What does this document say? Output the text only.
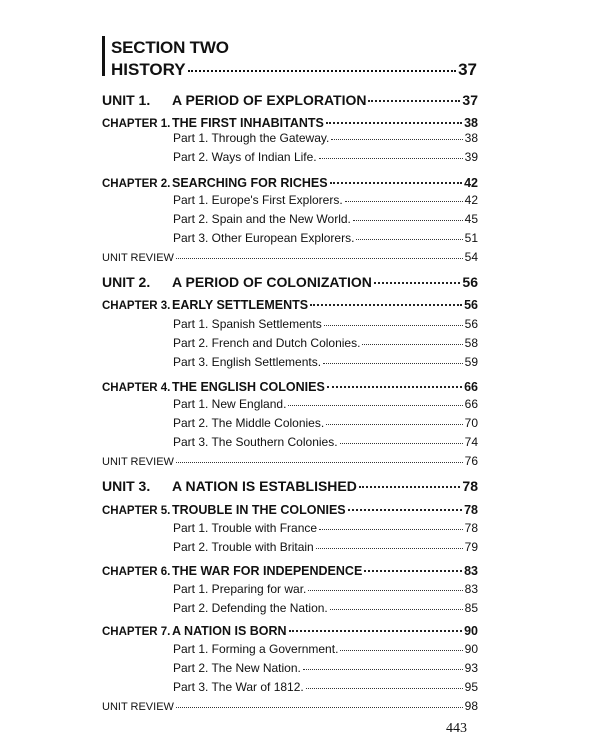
SECTION TWO
HISTORY	37
UNIT 1.	A PERIOD OF EXPLORATION	37
CHAPTER 1. THE FIRST INHABITANTS	38
Part 1. Through the Gateway.	38
Part 2. Ways of Indian Life.	39
CHAPTER 2. SEARCHING FOR RICHES	42
Part 1. Europe's First Explorers.	42
Part 2. Spain and the New World.	45
Part 3. Other European Explorers.	51
UNIT REVIEW	54
UNIT 2.	A PERIOD OF COLONIZATION	56
CHAPTER 3. EARLY SETTLEMENTS	56
Part 1. Spanish Settlements	56
Part 2. French and Dutch Colonies.	58
Part 3. English Settlements.	59
CHAPTER 4. THE ENGLISH COLONIES	66
Part 1. New England.	66
Part 2. The Middle Colonies.	70
Part 3. The Southern Colonies.	74
UNIT REVIEW	76
UNIT 3.	A NATION IS ESTABLISHED	78
CHAPTER 5. TROUBLE IN THE COLONIES	78
Part 1. Trouble with France	78
Part 2. Trouble with Britain	79
CHAPTER 6. THE WAR FOR INDEPENDENCE	83
Part 1. Preparing for war.	83
Part 2. Defending the Nation.	85
CHAPTER 7. A NATION IS BORN	90
Part 1. Forming a Government.	90
Part 2. The New Nation.	93
Part 3. The War of 1812.	95
UNIT REVIEW	98
443
